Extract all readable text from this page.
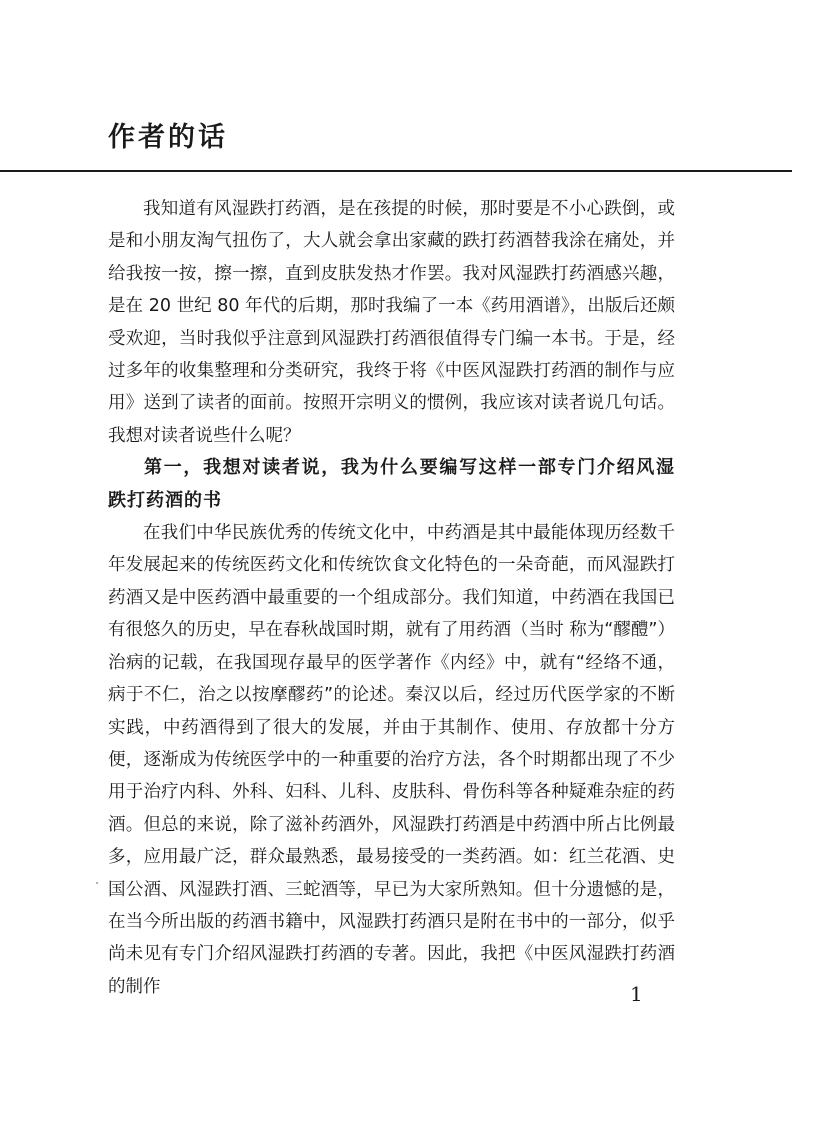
作者的话

我知道有风湿跌打药酒，是在孩提的时候，那时要是不小心跌倒，或是和小朋友淘气扭伤了，大人就会拿出家藏的跌打药酒替我涂在痛处，并给我按一按，擦一擦，直到皮肤发热才作罢。我对风湿跌打药酒感兴趣，是在 20 世纪 80 年代的后期，那时我编了一本《药用酒谱》，出版后还颇受欢迎，当时我似乎注意到风湿跌打药酒很值得专门编一本书。于是，经过多年的收集整理和分类研究，我终于将《中医风湿跌打药酒的制作与应用》送到了读者的面前。按照开宗明义的惯例，我应该对读者说几句话。我想对读者说些什么呢？

第一，我想对读者说，我为什么要编写这样一部专门介绍风湿跌打药酒的书

在我们中华民族优秀的传统文化中，中药酒是其中最能体现历经数千年发展起来的传统医药文化和传统饮食文化特色的一朵奇葩，而风湿跌打药酒又是中医药酒中最重要的一个组成部分。我们知道，中药酒在我国已有很悠久的历史，早在春秋战国时期，就有了用药酒（当时 称为“醪醴”）治病的记载，在我国现存最早的医学著作《内经》中，就有“经络不通，病于不仁，治之以按摩醪药”的论述。秦汉以后，经过历代医学家的不断实践，中药酒得到了很大的发展，并由于其制作、使用、存放都十分方便，逐渐成为传统医学中的一种重要的治疗方法，各个时期都出现了不少用于治疗内科、外科、妇科、儿科、皮肤科、骨伤科等各种疑难杂症的药酒。但总的来说，除了滋补药酒外，风湿跌打药酒是中药酒中所占比例最多，应用最广泛，群众最熟悉，最易接受的一类药酒。如：红兰花酒、史国公酒、风湿跌打酒、三蛇酒等，早已为大家所熟知。但十分遗憾的是，在当今所出版的药酒书籍中，风湿跌打药酒只是附在书中的一部分，似乎尚未见有专门介绍风湿跌打药酒的专著。因此，我把《中医风湿跌打药酒的制作	1
